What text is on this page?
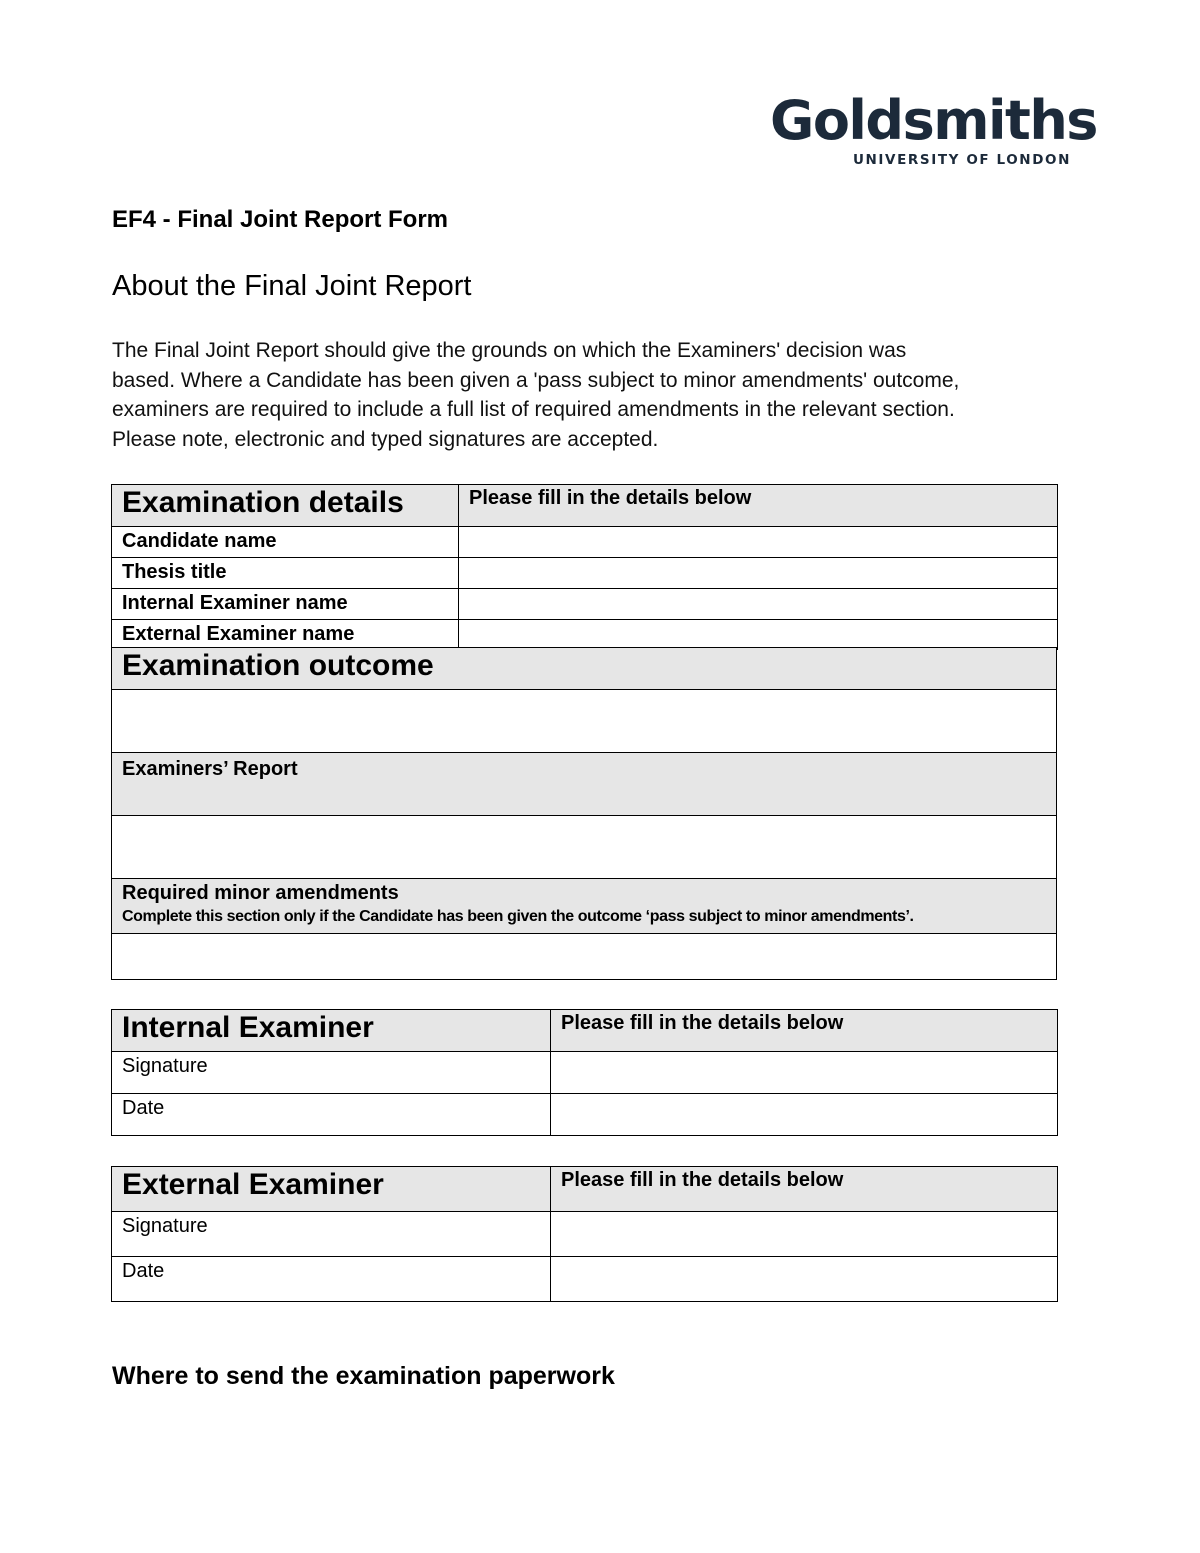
Goldsmiths
UNIVERSITY OF LONDON
EF4 - Final Joint Report Form
About the Final Joint Report

The Final Joint Report should give the grounds on which the Examiners' decision was

based. Where a Candidate has been given a 'pass subject to minor amendments' outcome,

examiners are required to include a full list of required amendments in the relevant section.

Please note, electronic and typed signatures are accepted.

Examination details	Please fill in the details below
Candidate name	
Thesis title	
Internal Examiner name	
External Examiner name	
Examination outcome

Examiners’ Report

Required minor amendments
Complete this section only if the Candidate has been given the outcome ‘pass subject to minor amendments’.

Internal Examiner	Please fill in the details below
Signature	
Date	
External Examiner	Please fill in the details below
Signature	
Date	
Where to send the examination paperwork
